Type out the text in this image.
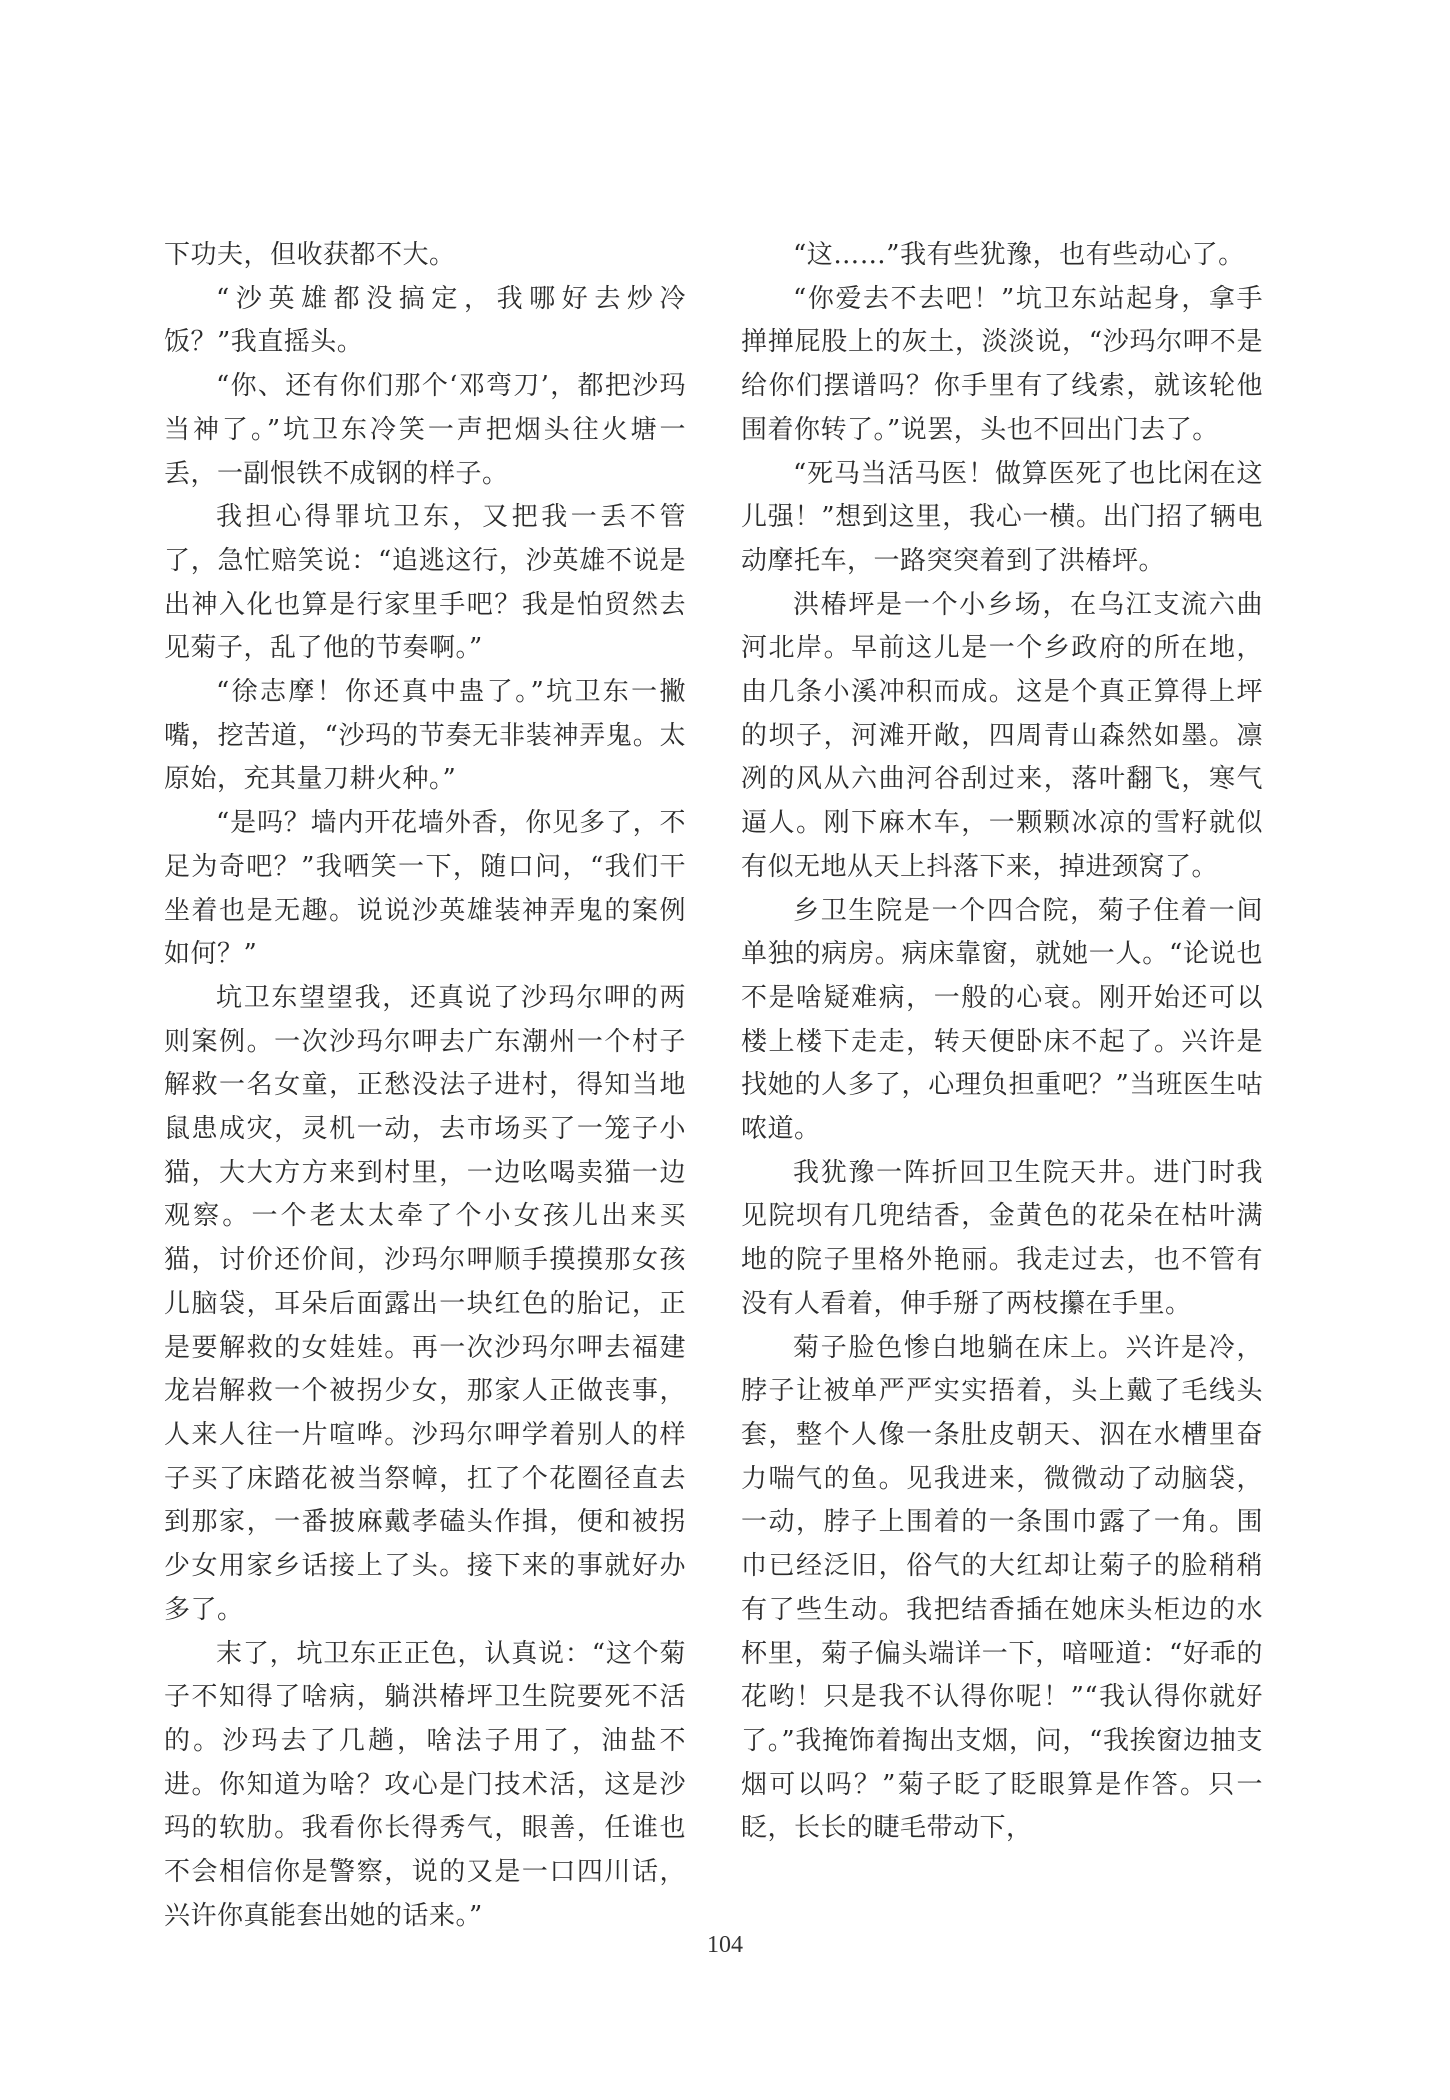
下功夫，但收获都不大。

“沙英雄都没搞定，我哪好去炒冷饭？”我直摇头。

“你、还有你们那个‘邓弯刀’，都把沙玛当神了。”坑卫东冷笑一声把烟头往火塘一丢，一副恨铁不成钢的样子。

我担心得罪坑卫东，又把我一丢不管了，急忙赔笑说：“追逃这行，沙英雄不说是出神入化也算是行家里手吧？我是怕贸然去见菊子，乱了他的节奏啊。”

“徐志摩！你还真中蛊了。”坑卫东一撇嘴，挖苦道，“沙玛的节奏无非装神弄鬼。太原始，充其量刀耕火种。”

“是吗？墙内开花墙外香，你见多了，不足为奇吧？”我哂笑一下，随口问，“我们干坐着也是无趣。说说沙英雄装神弄鬼的案例如何？”

坑卫东望望我，还真说了沙玛尔呷的两则案例。一次沙玛尔呷去广东潮州一个村子解救一名女童，正愁没法子进村，得知当地鼠患成灾，灵机一动，去市场买了一笼子小猫，大大方方来到村里，一边吆喝卖猫一边观察。一个老太太牵了个小女孩儿出来买猫，讨价还价间，沙玛尔呷顺手摸摸那女孩儿脑袋，耳朵后面露出一块红色的胎记，正是要解救的女娃娃。再一次沙玛尔呷去福建龙岩解救一个被拐少女，那家人正做丧事，人来人往一片喧哗。沙玛尔呷学着别人的样子买了床踏花被当祭幛，扛了个花圈径直去到那家，一番披麻戴孝磕头作揖，便和被拐少女用家乡话接上了头。接下来的事就好办多了。

末了，坑卫东正正色，认真说：“这个菊子不知得了啥病，躺洪椿坪卫生院要死不活的。沙玛去了几趟，啥法子用了，油盐不进。你知道为啥？攻心是门技术活，这是沙玛的软肋。我看你长得秀气，眼善，任谁也不会相信你是警察，说的又是一口四川话，兴许你真能套出她的话来。”

“这……”我有些犹豫，也有些动心了。

“你爱去不去吧！”坑卫东站起身，拿手掸掸屁股上的灰土，淡淡说，“沙玛尔呷不是给你们摆谱吗？你手里有了线索，就该轮他围着你转了。”说罢，头也不回出门去了。

“死马当活马医！做算医死了也比闲在这儿强！”想到这里，我心一横。出门招了辆电动摩托车，一路突突着到了洪椿坪。

洪椿坪是一个小乡场，在乌江支流六曲河北岸。早前这儿是一个乡政府的所在地，由几条小溪冲积而成。这是个真正算得上坪的坝子，河滩开敞，四周青山森然如墨。凛冽的风从六曲河谷刮过来，落叶翻飞，寒气逼人。刚下麻木车，一颗颗冰凉的雪籽就似有似无地从天上抖落下来，掉进颈窝了。

乡卫生院是一个四合院，菊子住着一间单独的病房。病床靠窗，就她一人。“论说也不是啥疑难病，一般的心衰。刚开始还可以楼上楼下走走，转天便卧床不起了。兴许是找她的人多了，心理负担重吧？”当班医生咕哝道。

我犹豫一阵折回卫生院天井。进门时我见院坝有几兜结香，金黄色的花朵在枯叶满地的院子里格外艳丽。我走过去，也不管有没有人看着，伸手掰了两枝攥在手里。

菊子脸色惨白地躺在床上。兴许是冷，脖子让被单严严实实捂着，头上戴了毛线头套，整个人像一条肚皮朝天、泅在水槽里奋力喘气的鱼。见我进来，微微动了动脑袋，一动，脖子上围着的一条围巾露了一角。围巾已经泛旧，俗气的大红却让菊子的脸稍稍有了些生动。我把结香插在她床头柜边的水杯里，菊子偏头端详一下，喑哑道：“好乖的花哟！只是我不认得你呢！”“我认得你就好了。”我掩饰着掏出支烟，问，“我挨窗边抽支烟可以吗？”菊子眨了眨眼算是作答。只一眨，长长的睫毛带动下，

104
